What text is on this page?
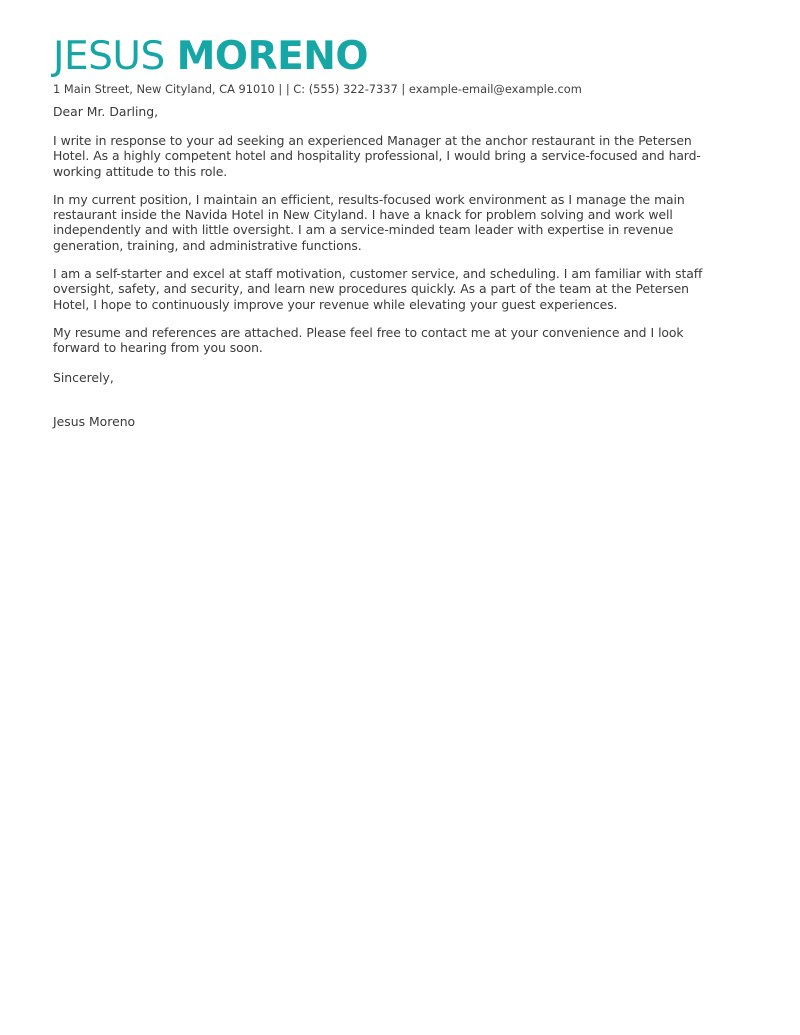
JESUS MORENO
1 Main Street, New Cityland, CA 91010 | | C: (555) 322-7337 | example-email@example.com
Dear Mr. Darling,
I write in response to your ad seeking an experienced Manager at the anchor restaurant in the Petersen
Hotel. As a highly competent hotel and hospitality professional, I would bring a service-focused and hard-
working attitude to this role.
In my current position, I maintain an efficient, results-focused work environment as I manage the main
restaurant inside the Navida Hotel in New Cityland. I have a knack for problem solving and work well
independently and with little oversight. I am a service-minded team leader with expertise in revenue
generation, training, and administrative functions.
I am a self-starter and excel at staff motivation, customer service, and scheduling. I am familiar with staff
oversight, safety, and security, and learn new procedures quickly. As a part of the team at the Petersen
Hotel, I hope to continuously improve your revenue while elevating your guest experiences.
My resume and references are attached. Please feel free to contact me at your convenience and I look
forward to hearing from you soon.
Sincerely,
Jesus Moreno
